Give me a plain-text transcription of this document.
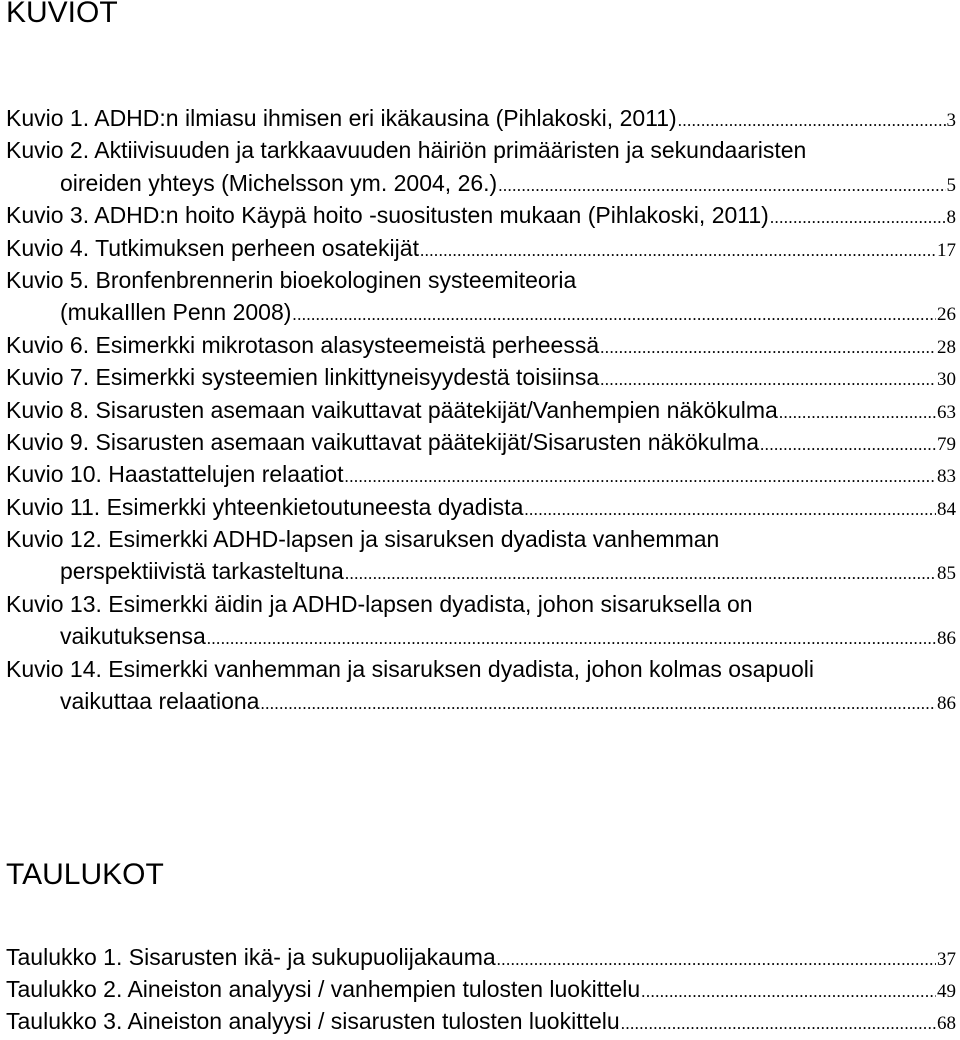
KUVIOT
Kuvio 1. ADHD:n ilmiasu ihmisen eri ikäkausina (Pihlakoski, 2011) .....	3
Kuvio 2. Aktiivisuuden ja tarkkaavuuden häiriön primääristen ja sekundaaristen
oireiden yhteys (Michelsson ym. 2004, 26.) .....	5
Kuvio 3. ADHD:n hoito Käypä hoito -suositusten mukaan (Pihlakoski, 2011) .....	8
Kuvio 4. Tutkimuksen perheen osatekijät .....	17
Kuvio 5. Bronfenbrennerin bioekologinen systeemiteoria
(mukaIllen Penn 2008) .....	26
Kuvio 6. Esimerkki mikrotason alasysteemeistä perheessä .....	28
Kuvio 7. Esimerkki systeemien linkittyneisyydestä toisiinsa .....	30
Kuvio 8. Sisarusten asemaan vaikuttavat päätekijät/Vanhempien näkökulma .....	63
Kuvio 9. Sisarusten asemaan vaikuttavat päätekijät/Sisarusten näkökulma .....	79
Kuvio 10. Haastattelujen relaatiot .....	83
Kuvio 11. Esimerkki yhteenkietoutuneesta dyadista .....	84
Kuvio 12. Esimerkki ADHD-lapsen ja sisaruksen dyadista vanhemman
perspektiivistä tarkasteltuna .....	85
Kuvio 13. Esimerkki äidin ja ADHD-lapsen dyadista, johon sisaruksella on
vaikutuksensa .....	86
Kuvio 14. Esimerkki vanhemman ja sisaruksen dyadista, johon kolmas osapuoli
vaikuttaa relaationa .....	86
TAULUKOT
Taulukko 1. Sisarusten ikä- ja sukupuolijakauma .....	37
Taulukko 2. Aineiston analyysi / vanhempien tulosten luokittelu .....	49
Taulukko 3. Aineiston analyysi / sisarusten tulosten luokittelu .....	68
